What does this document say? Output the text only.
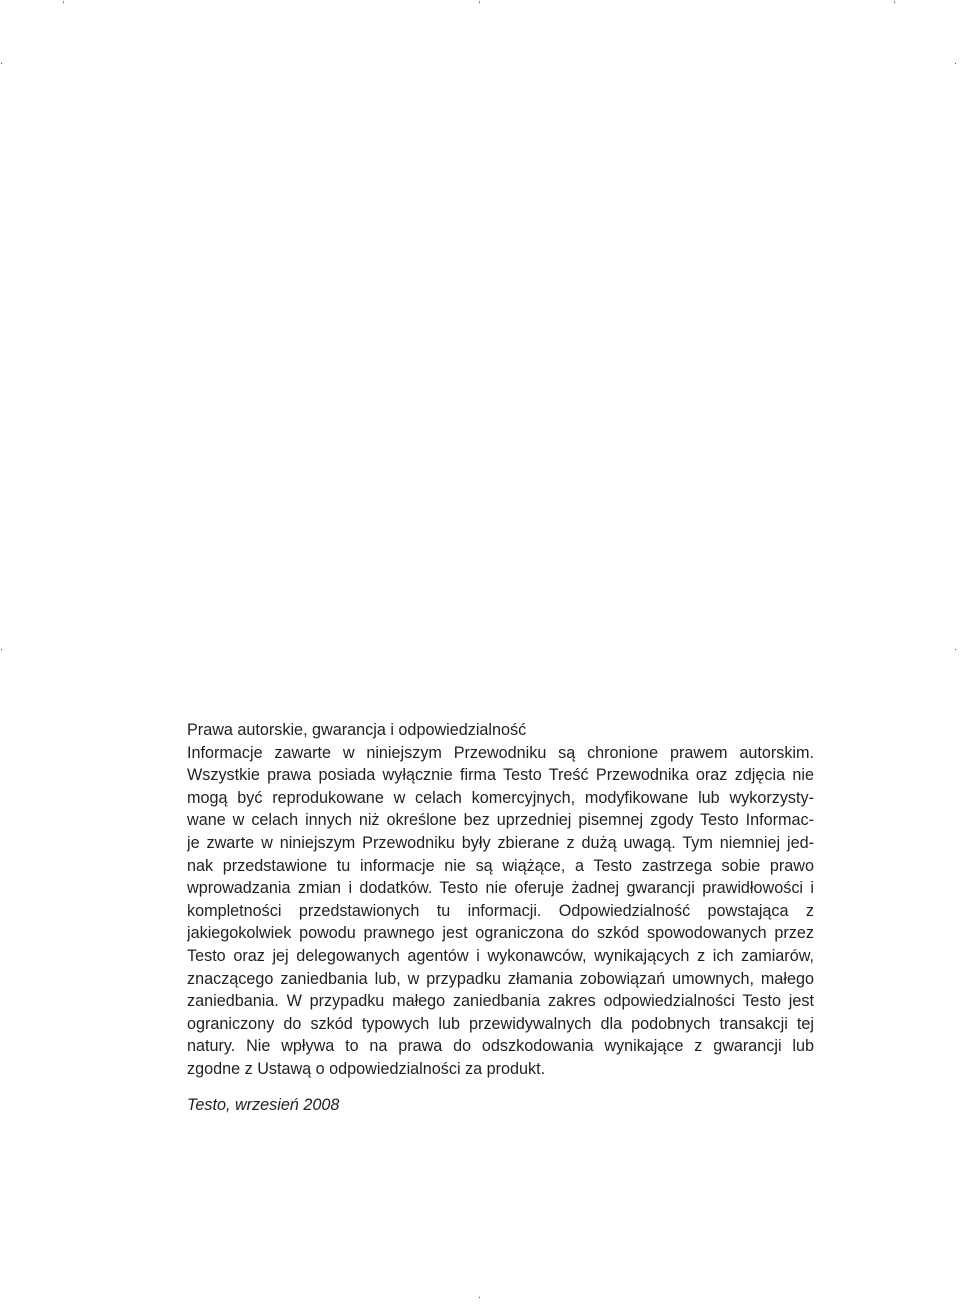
·	·
·	·
·
Prawa autorskie, gwarancja i odpowiedzialność
Informacje zawarte w niniejszym Przewodniku są chronione prawem autorskim.
Wszystkie prawa posiada wyłącznie firma Testo Treść Przewodnika oraz zdjęcia nie
mogą być reprodukowane w celach komercyjnych, modyfikowane lub wykorzysty-
wane w celach innych niż określone bez uprzedniej pisemnej zgody Testo Informac-
je zwarte w niniejszym Przewodniku były zbierane z dużą uwagą. Tym niemniej jed-
nak przedstawione tu informacje nie są wiążące, a Testo zastrzega sobie prawo
wprowadzania zmian i dodatków. Testo nie oferuje żadnej gwarancji prawidłowości i
kompletności przedstawionych tu informacji. Odpowiedzialność powstająca z
jakiegokolwiek powodu prawnego jest ograniczona do szkód spowodowanych przez
Testo oraz jej delegowanych agentów i wykonawców, wynikających z ich zamiarów,
znaczącego zaniedbania lub, w przypadku złamania zobowiązań umownych, małego
zaniedbania. W przypadku małego zaniedbania zakres odpowiedzialności Testo jest
ograniczony do szkód typowych lub przewidywalnych dla podobnych transakcji tej
natury. Nie wpływa to na prawa do odszkodowania wynikające z gwarancji lub
zgodne z Ustawą o odpowiedzialności za produkt.
Testo, wrzesień 2008
